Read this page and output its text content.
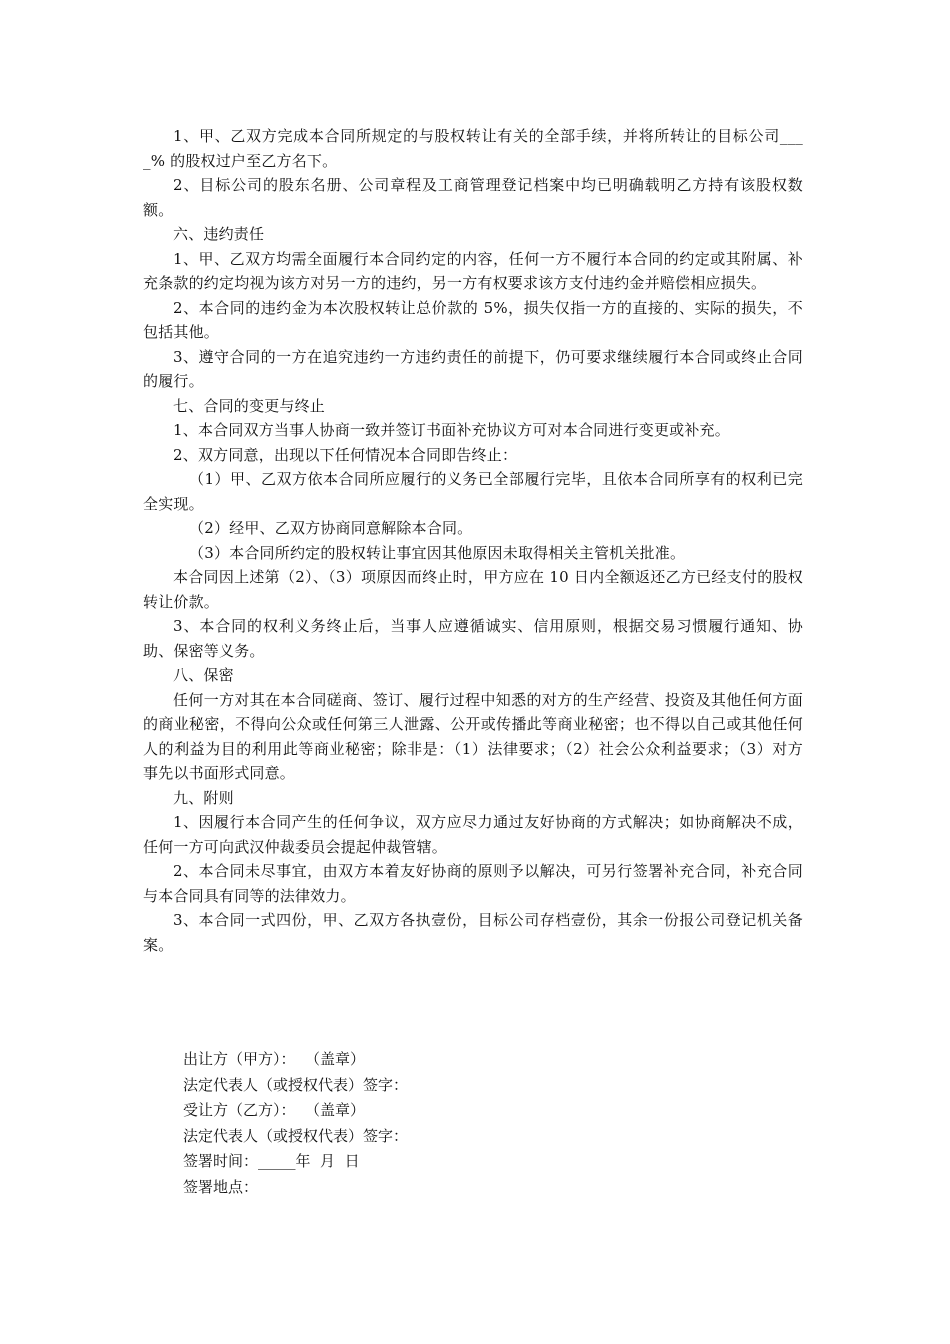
1、甲、乙双方完成本合同所规定的与股权转让有关的全部手续，并将所转让的目标公司____% 的股权过户至乙方名下。

2、目标公司的股东名册、公司章程及工商管理登记档案中均已明确载明乙方持有该股权数额。

六、违约责任

1、甲、乙双方均需全面履行本合同约定的内容，任何一方不履行本合同的约定或其附属、补充条款的约定均视为该方对另一方的违约，另一方有权要求该方支付违约金并赔偿相应损失。

2、本合同的违约金为本次股权转让总价款的 5%，损失仅指一方的直接的、实际的损失，不包括其他。

3、遵守合同的一方在追究违约一方违约责任的前提下，仍可要求继续履行本合同或终止合同的履行。

七、合同的变更与终止

1、本合同双方当事人协商一致并签订书面补充协议方可对本合同进行变更或补充。

2、双方同意，出现以下任何情况本合同即告终止：

（1）甲、乙双方依本合同所应履行的义务已全部履行完毕，且依本合同所享有的权利已完全实现。

（2）经甲、乙双方协商同意解除本合同。

（3）本合同所约定的股权转让事宜因其他原因未取得相关主管机关批准。

本合同因上述第（2）、（3）项原因而终止时，甲方应在 10 日内全额返还乙方已经支付的股权转让价款。

3、本合同的权利义务终止后，当事人应遵循诚实、信用原则，根据交易习惯履行通知、协助、保密等义务。

八、保密

任何一方对其在本合同磋商、签订、履行过程中知悉的对方的生产经营、投资及其他任何方面的商业秘密，不得向公众或任何第三人泄露、公开或传播此等商业秘密；也不得以自己或其他任何人的利益为目的利用此等商业秘密；除非是：（1）法律要求；（2）社会公众利益要求；（3）对方事先以书面形式同意。

九、附则

1、因履行本合同产生的任何争议，双方应尽力通过友好协商的方式解决；如协商解决不成，任何一方可向武汉仲裁委员会提起仲裁管辖。

2、本合同未尽事宜，由双方本着友好协商的原则予以解决，可另行签署补充合同，补充合同与本合同具有同等的法律效力。

3、本合同一式四份，甲、乙双方各执壹份，目标公司存档壹份，其余一份报公司登记机关备案。

出让方（甲方）：  （盖章）

法定代表人（或授权代表）签字：

受让方（乙方）：  （盖章）

法定代表人（或授权代表）签字：

签署时间：_____年  月  日

签署地点：
